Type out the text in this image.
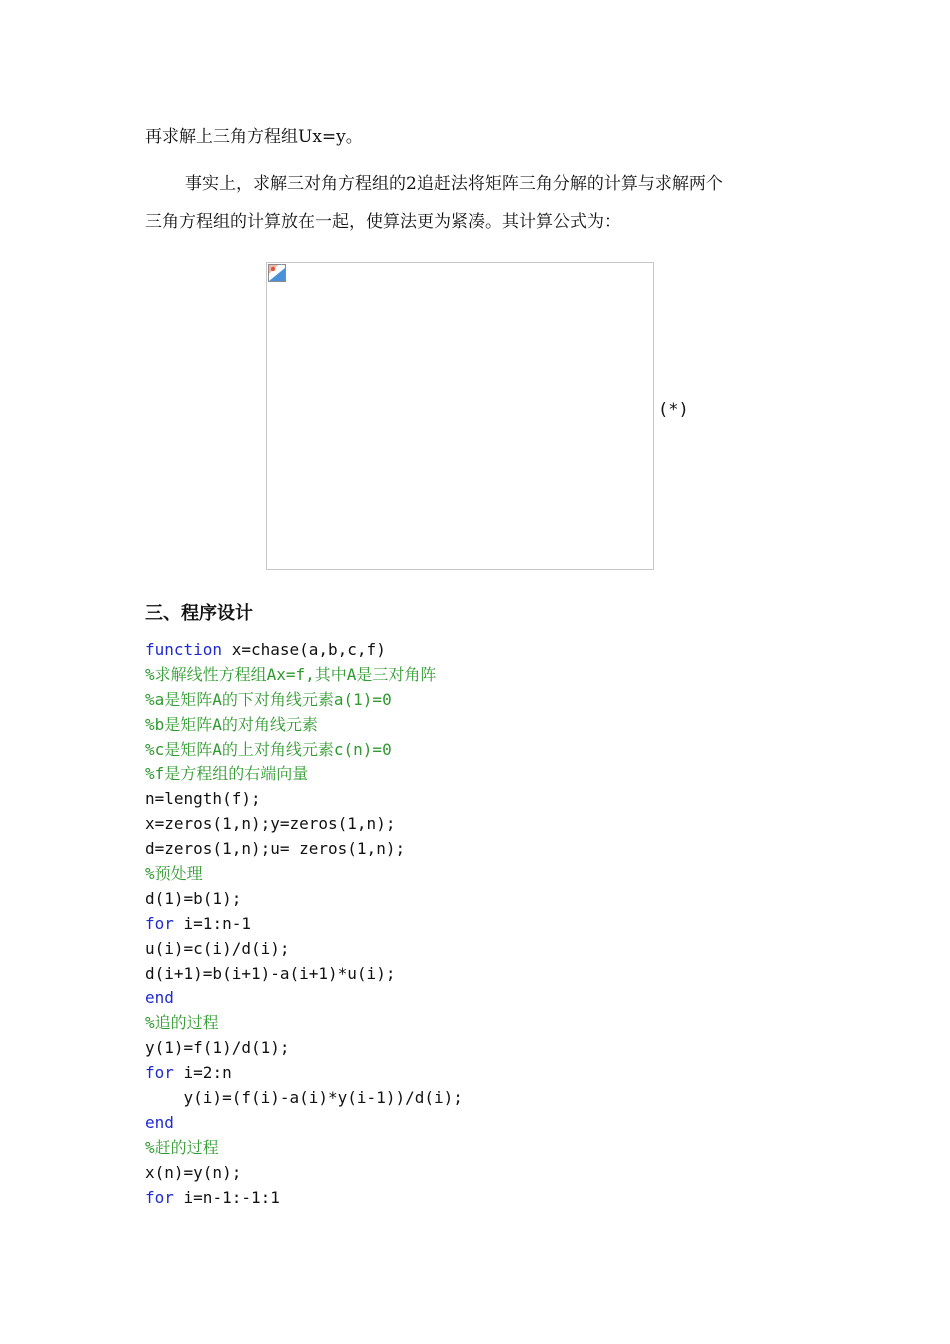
再求解上三角方程组Ux=y。

事实上，求解三对角方程组的2追赶法将矩阵三角分解的计算与求解两个

三角方程组的计算放在一起，使算法更为紧凑。其计算公式为：

(*)
三、程序设计
function x=chase(a,b,c,f)
%求解线性方程组Ax=f,其中A是三对角阵
%a是矩阵A的下对角线元素a(1)=0
%b是矩阵A的对角线元素
%c是矩阵A的上对角线元素c(n)=0
%f是方程组的右端向量
n=length(f);
x=zeros(1,n);y=zeros(1,n);
d=zeros(1,n);u= zeros(1,n);
%预处理
d(1)=b(1);
for i=1:n-1
u(i)=c(i)/d(i);
d(i+1)=b(i+1)-a(i+1)*u(i);
end
%追的过程
y(1)=f(1)/d(1);
for i=2:n
y(i)=(f(i)-a(i)*y(i-1))/d(i);
end
%赶的过程
x(n)=y(n);
for i=n-1:-1:1
